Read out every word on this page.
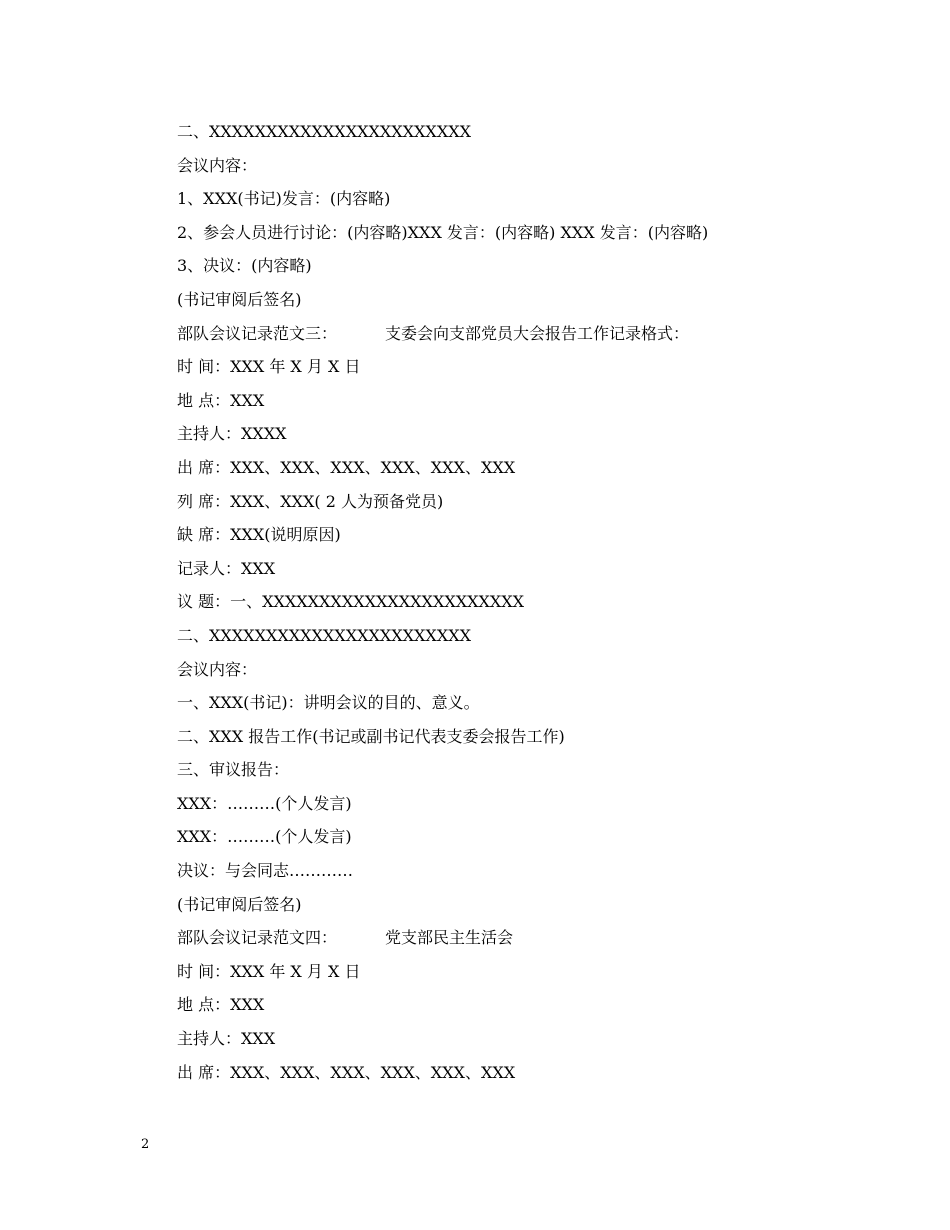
二、XXXXXXXXXXXXXXXXXXXXXXX
会议内容：
1、XXX(书记)发言：(内容略)
2、参会人员进行讨论：(内容略)XXX 发言：(内容略) XXX 发言：(内容略)
3、决议：(内容略)
(书记审阅后签名)
部队会议记录范文三：	支委会向支部党员大会报告工作记录格式：
时 间：XXX 年 X 月 X 日
地 点：XXX
主持人：XXXX
出 席：XXX、XXX、XXX、XXX、XXX、XXX
列 席：XXX、XXX( 2 人为预备党员)
缺 席：XXX(说明原因)
记录人：XXX
议 题：一、XXXXXXXXXXXXXXXXXXXXXXX
二、XXXXXXXXXXXXXXXXXXXXXXX
会议内容：
一、XXX(书记)：讲明会议的目的、意义。
二、XXX 报告工作(书记或副书记代表支委会报告工作)
三、审议报告：
XXX：………(个人发言)
XXX：………(个人发言)
决议：与会同志…………
(书记审阅后签名)
部队会议记录范文四：	党支部民主生活会
时 间：XXX 年 X 月 X 日
地 点：XXX
主持人：XXX
出 席：XXX、XXX、XXX、XXX、XXX、XXX
2
